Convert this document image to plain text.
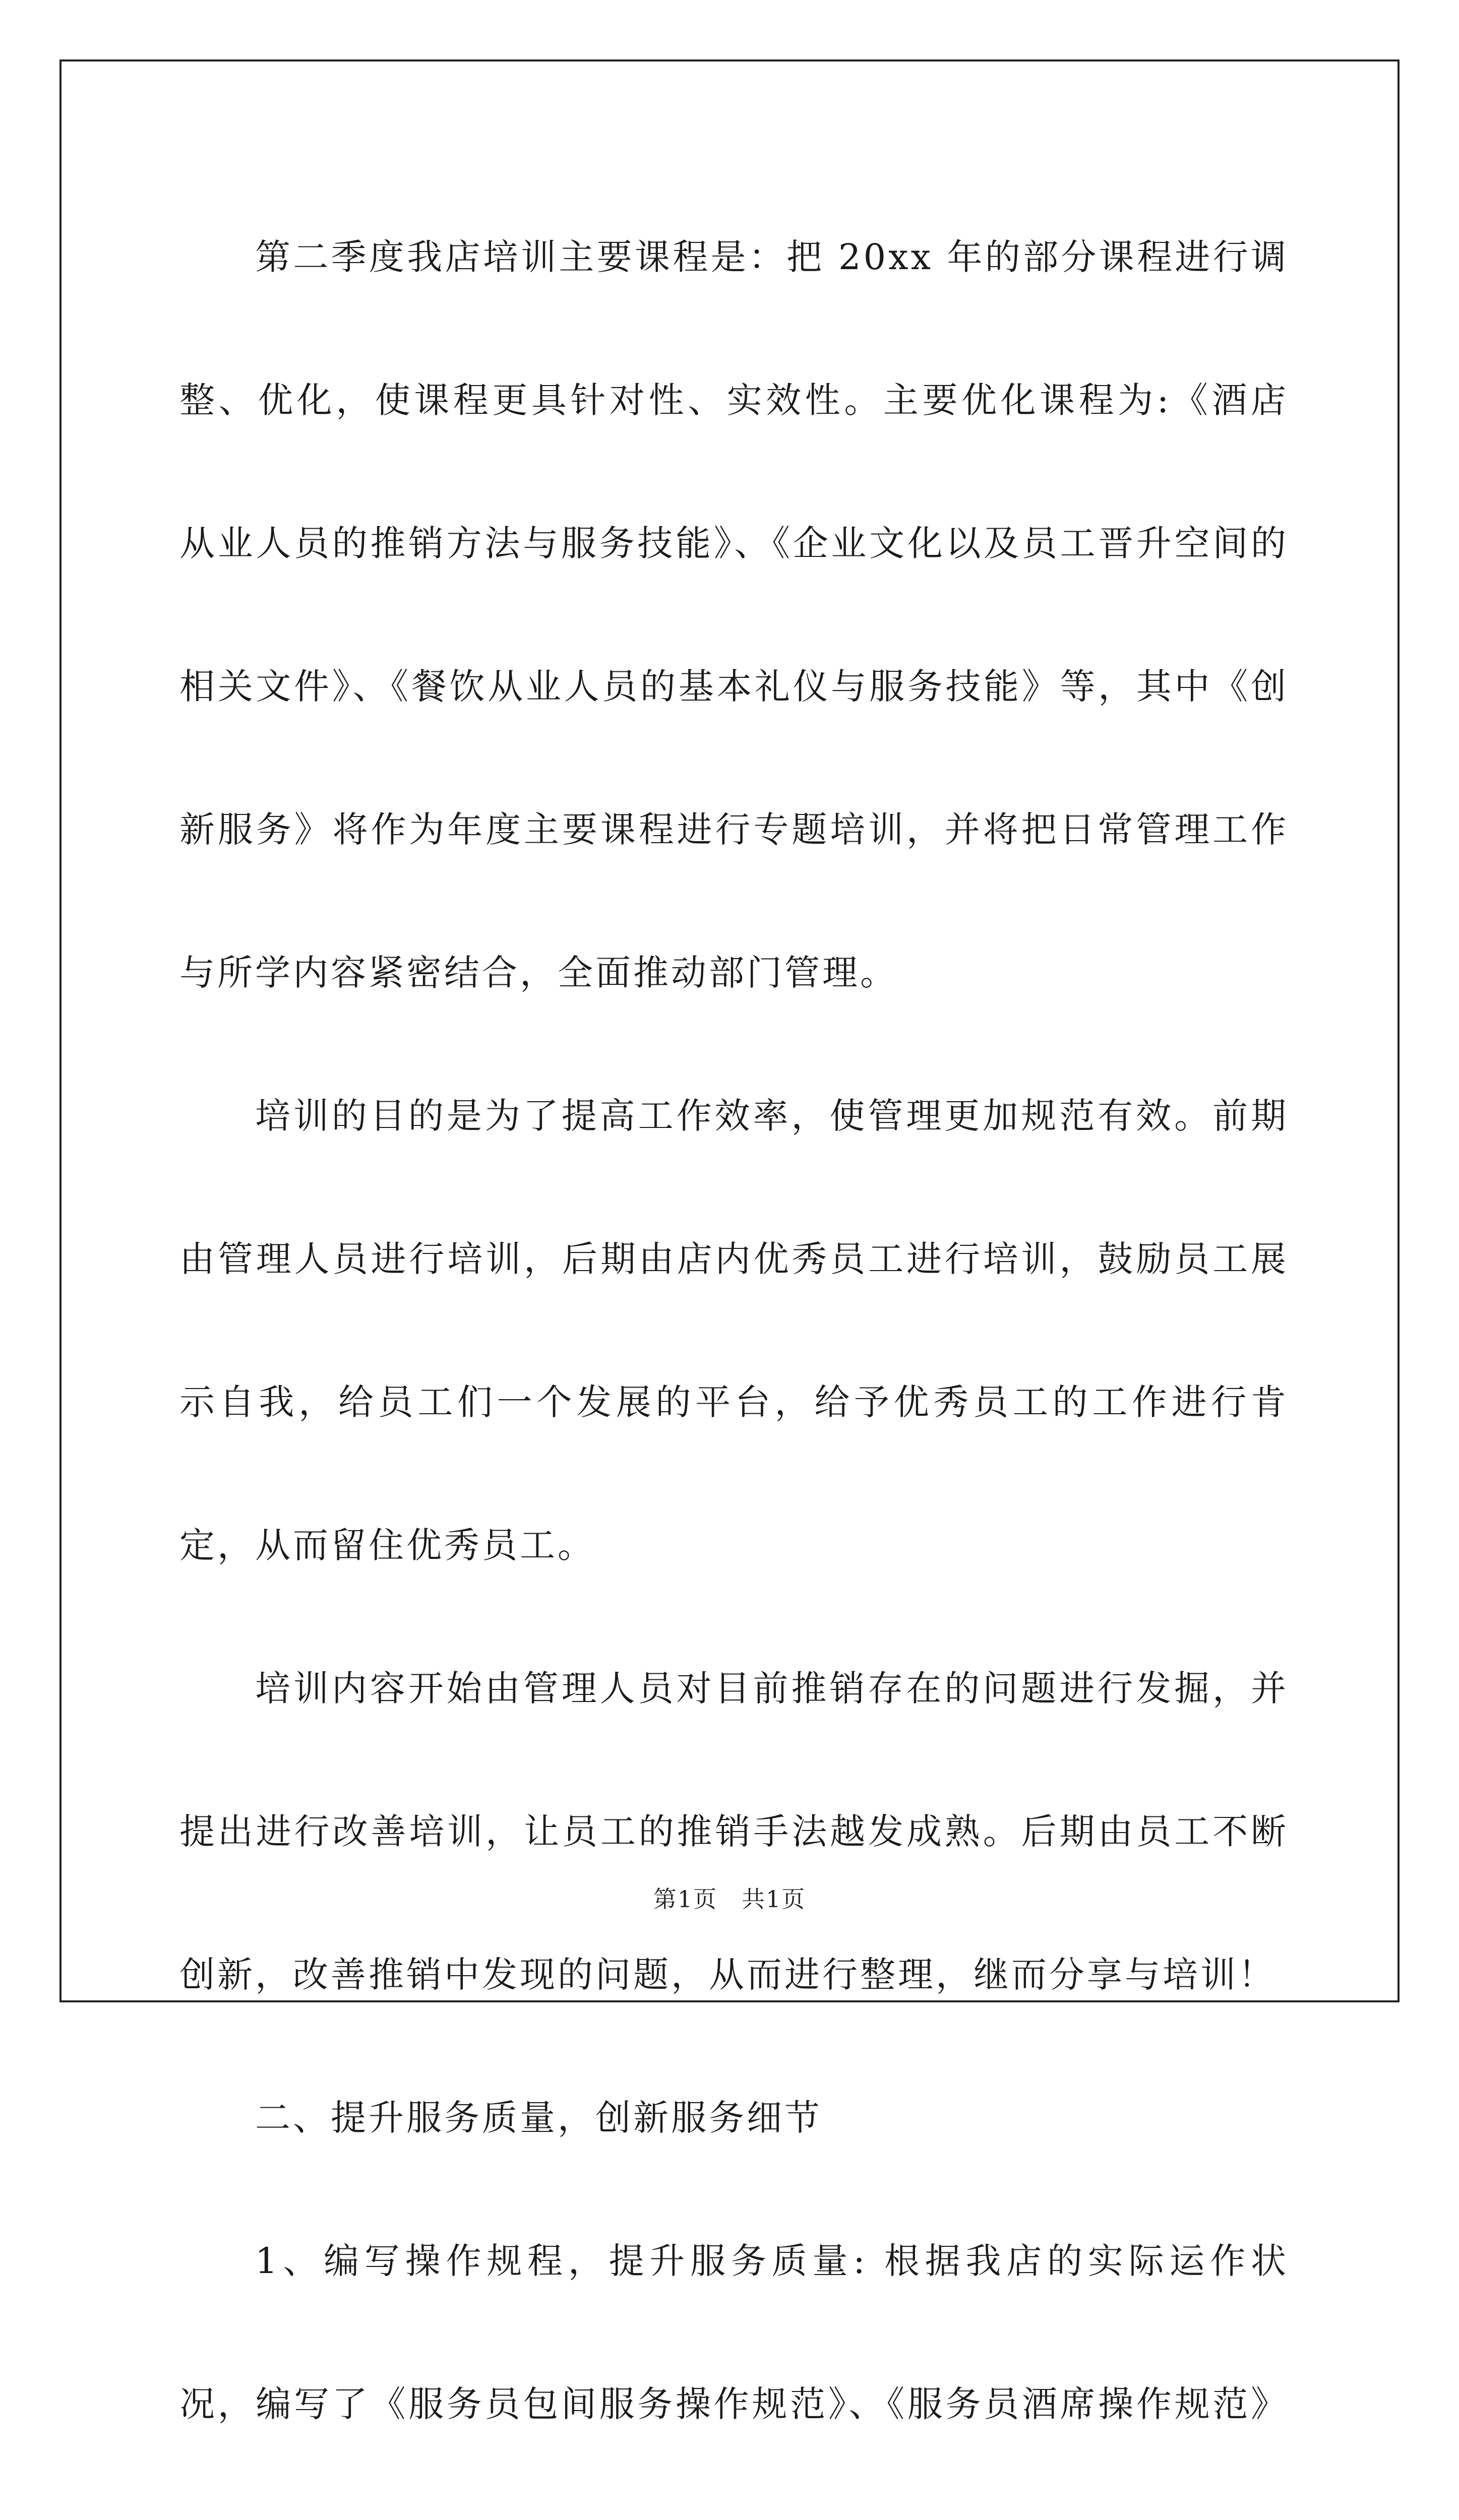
第二季度我店培训主要课程是：把 20xx 年的部分课程进行调整、优化，使课程更具针对性、实效性。主要优化课程为:《酒店从业人员的推销方法与服务技能》、《企业文化以及员工晋升空间的相关文件》、《餐饮从业人员的基本礼仪与服务技能》等，其中《创新服务》将作为年度主要课程进行专题培训，并将把日常管理工作与所学内容紧密结合，全面推动部门管理。

培训的目的是为了提高工作效率，使管理更加规范有效。前期由管理人员进行培训，后期由店内优秀员工进行培训，鼓励员工展示自我，给员工们一个发展的平台，给予优秀员工的工作进行肯定，从而留住优秀员工。

培训内容开始由管理人员对目前推销存在的问题进行发掘，并提出进行改善培训，让员工的推销手法越发成熟。后期由员工不断创新，改善推销中发现的问题，从而进行整理，继而分享与培训！

二、提升服务质量，创新服务细节

1、编写操作规程，提升服务质量: 根据我店的实际运作状况，编写了《服务员包间服务操作规范》、《服务员酒席操作规范》

第1页　共1页
